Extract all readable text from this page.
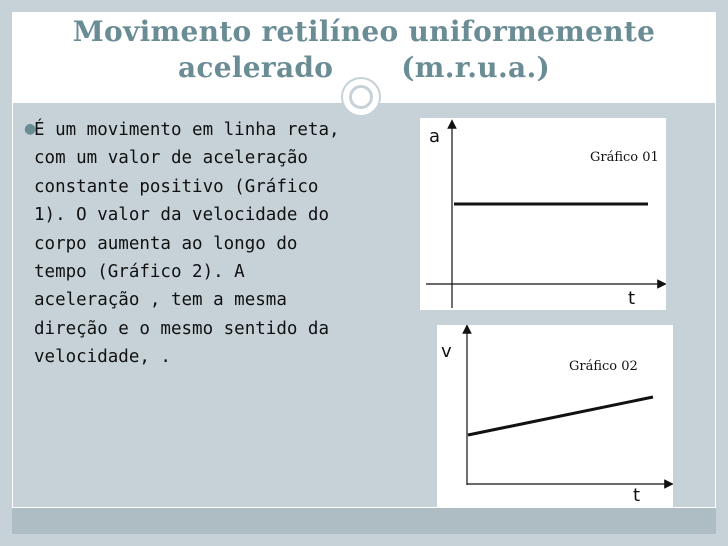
Movimento retilíneo uniformemente
acelerado (m.r.u.a.)
●
É um movimento em linha reta, com um valor de aceleração constante positivo (Gráfico 1). O valor da velocidade do corpo aumenta ao longo do tempo (Gráfico 2). A aceleração , tem a mesma direção e o mesmo sentido da velocidade, .
a
t
Gráfico 01
v
t
Gráfico 02
